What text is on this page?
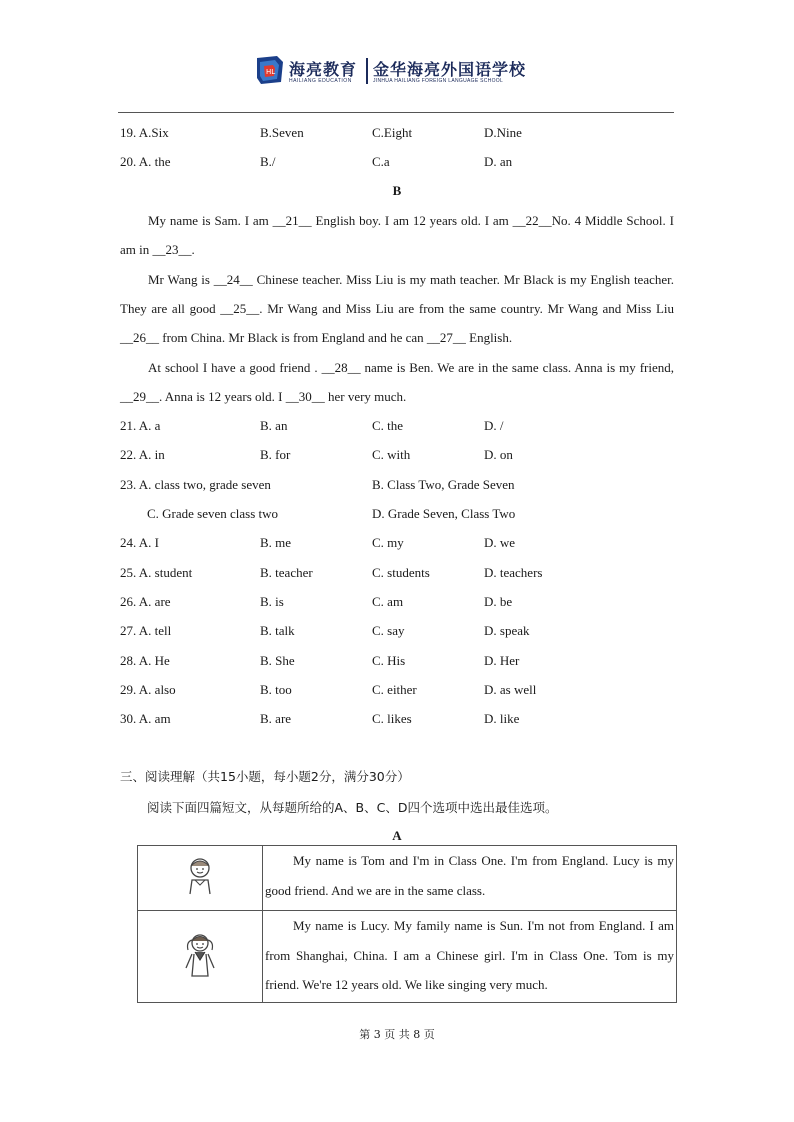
HL 海亮教育
HAILIANG EDUCATION
金华海亮外国语学校
JINHUA HAILIANG FOREIGN LANGUAGE SCHOOL
19. A.Six	B.Seven	C.Eight	D.Nine
20. A. the	B./	C.a	D. an
B
My name is Sam. I am __21__ English boy. I am 12 years old. I am __22__No. 4 Middle School. I am in __23__.
Mr Wang is __24__ Chinese teacher. Miss Liu is my math teacher. Mr Black is my English teacher. They are all good __25__. Mr Wang and Miss Liu are from the same country. Mr Wang and Miss Liu __26__ from China. Mr Black is from England and he can __27__ English.
At school I have a good friend . __28__ name is Ben. We are in the same class. Anna is my friend, __29__. Anna is 12 years old. I __30__ her very much.
21. A. a	B. an	C. the	D. /
22. A. in	B. for	C. with	D. on
23. A. class two, grade seven	B. Class Two, Grade Seven
C. Grade seven class two	D. Grade Seven, Class Two
24. A. I	B. me	C. my	D. we
25. A. student	B. teacher	C. students	D. teachers
26. A. are	B. is	C. am	D. be
27. A. tell	B. talk	C. say	D. speak
28. A. He	B. She	C. His	D. Her
29. A. also	B. too	C. either	D. as well
30. A. am	B. are	C. likes	D. like
三、阅读理解（共15小题，每小题2分，满分30分）
阅读下面四篇短文，从每题所给的A、B、C、D四个选项中选出最佳选项。
A

My name is Tom and I'm in Class One. I'm from England. Lucy is my good friend. And we are in the same class.

My name is Lucy. My family name is Sun. I'm not from England. I am from Shanghai, China. I am a Chinese girl. I'm in Class One. Tom is my friend. We're 12 years old. We like singing very much.
第 3 页 共 8 页
